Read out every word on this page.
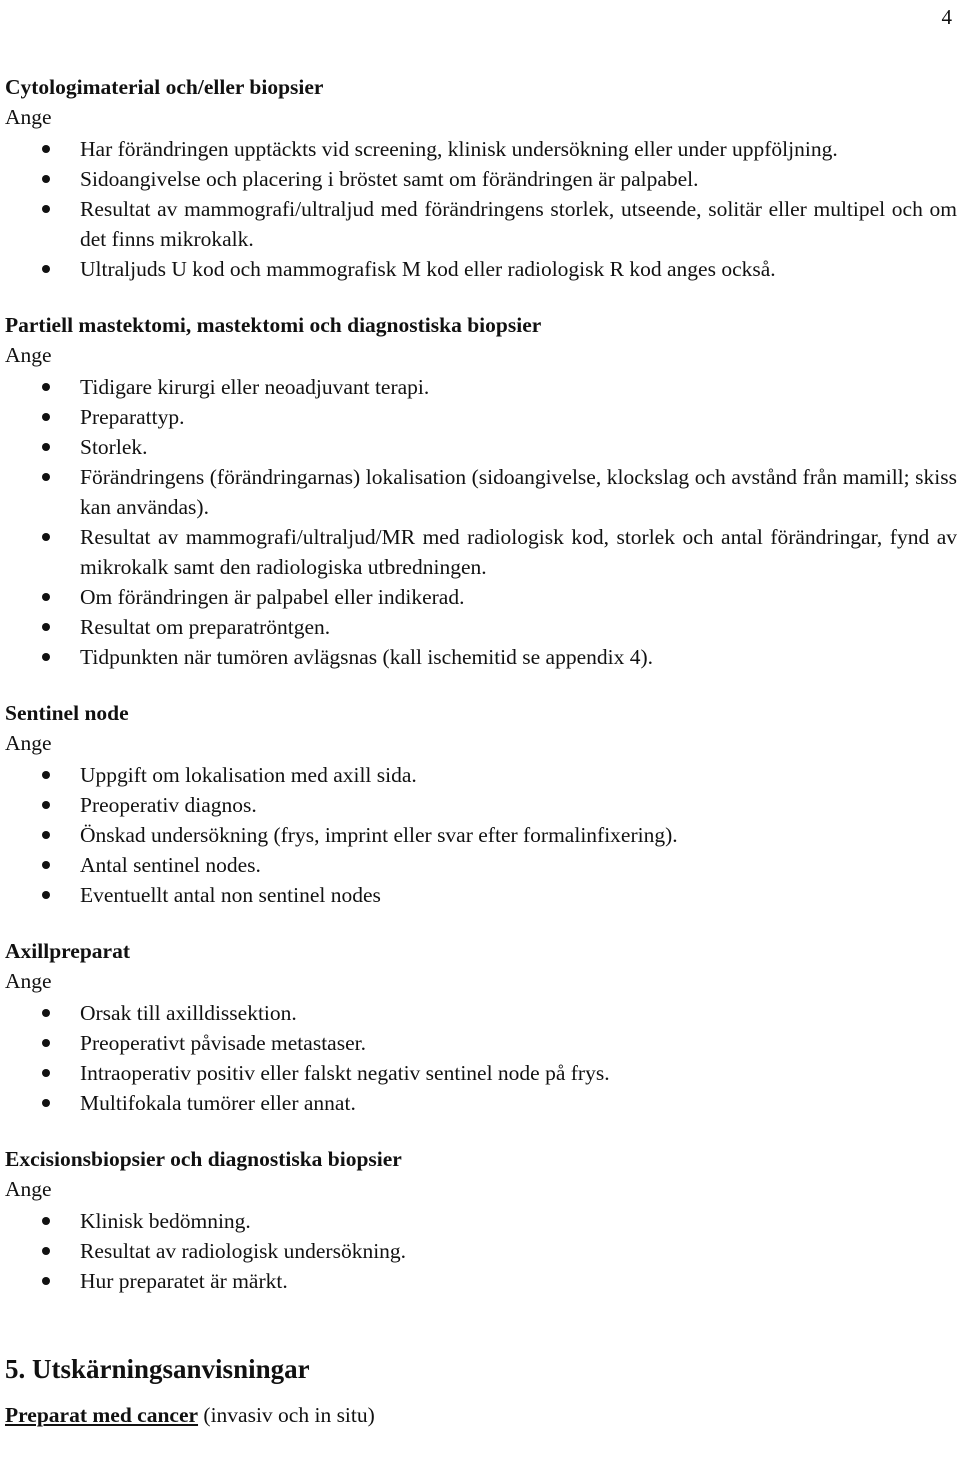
4

Cytologimaterial och/eller biopsier

Ange

Har förändringen upptäckts vid screening, klinisk undersökning eller under uppföljning.
Sidoangivelse och placering i bröstet samt om förändringen är palpabel.
Resultat av mammografi/ultraljud med förändringens storlek, utseende, solitär eller multipel och om det finns mikrokalk.
Ultraljuds U kod och mammografisk M kod eller radiologisk R kod anges också.

Partiell mastektomi, mastektomi och diagnostiska biopsier

Ange

Tidigare kirurgi eller neoadjuvant terapi.
Preparattyp.
Storlek.
Förändringens (förändringarnas) lokalisation (sidoangivelse, klockslag och avstånd från mamill; skiss kan användas).
Resultat av mammografi/ultraljud/MR med radiologisk kod, storlek och antal förändringar, fynd av mikrokalk samt den radiologiska utbredningen.
Om förändringen är palpabel eller indikerad.
Resultat om preparatröntgen.
Tidpunkten när tumören avlägsnas (kall ischemitid se appendix 4).

Sentinel node

Ange

Uppgift om lokalisation med axill sida.
Preoperativ diagnos.
Önskad undersökning (frys, imprint eller svar efter formalinfixering).
Antal sentinel nodes.
Eventuellt antal non sentinel nodes

Axillpreparat

Ange

Orsak till axilldissektion.
Preoperativt påvisade metastaser.
Intraoperativ positiv eller falskt negativ sentinel node på frys.
Multifokala tumörer eller annat.

Excisionsbiopsier och diagnostiska biopsier

Ange

Klinisk bedömning.
Resultat av radiologisk undersökning.
Hur preparatet är märkt.

5. Utskärningsanvisningar

Preparat med cancer (invasiv och in situ)
